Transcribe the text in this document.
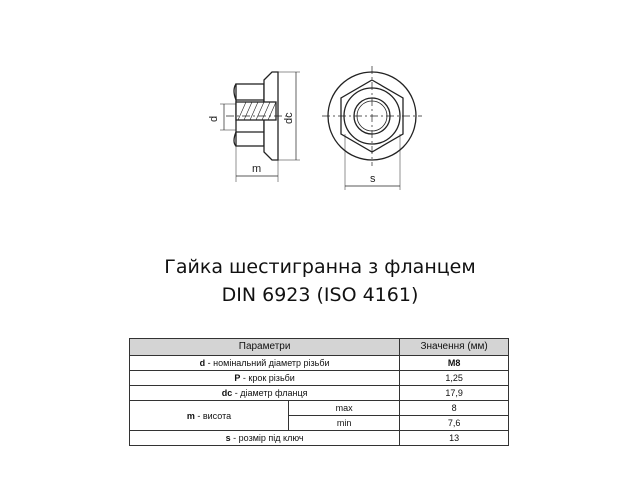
d	dc
m
s
Гайка шестигранна з фланцем
DIN 6923 (ISO 4161)
Параметри		Значення (мм)
d - номінальний діаметр різьби		M8
P - крок різьби		1,25
dc - діаметр фланця		17,9
m - висота	max	8
	min	7,6
s - розмір під ключ		13
